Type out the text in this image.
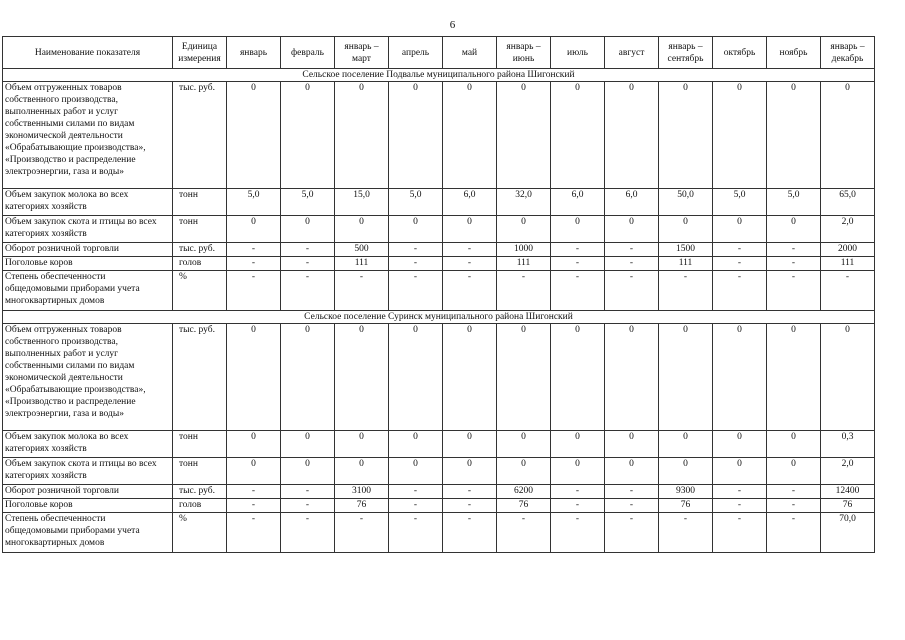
6
Наименование показателя	Единица измерения	январь	февраль	январь – март	апрель	май	январь – июнь	июль	август	январь – сентябрь	октябрь	ноябрь	январь – декабрь
Сельское поселение Подвалье муниципального района Шигонский													
Объем отгруженных товаров собственного производства, выполненных работ и услуг собственными силами по видам экономической деятельности «Обрабатывающие производства», «Производство и распределение электроэнергии, газа и воды»	тыс. руб.	0	0	0	0	0	0	0	0	0	0	0	0
Объем закупок молока во всех категориях хозяйств	тонн	5,0	5,0	15,0	5,0	6,0	32,0	6,0	6,0	50,0	5,0	5,0	65,0
Объем закупок скота и птицы во всех категориях хозяйств	тонн	0	0	0	0	0	0	0	0	0	0	0	2,0
Оборот розничной торговли	тыс. руб.	-	-	500	-	-	1000	-	-	1500	-	-	2000
Поголовье коров	голов	-	-	111	-	-	111	-	-	111	-	-	111
Степень обеспеченности общедомовыми приборами учета многоквартирных домов	%	-	-	-	-	-	-	-	-	-	-	-	-
Сельское поселение Суринск муниципального района Шигонский													
Объем отгруженных товаров собственного производства, выполненных работ и услуг собственными силами по видам экономической деятельности «Обрабатывающие производства», «Производство и распределение электроэнергии, газа и воды»	тыс. руб.	0	0	0	0	0	0	0	0	0	0	0	0
Объем закупок молока во всех категориях хозяйств	тонн	0	0	0	0	0	0	0	0	0	0	0	0,3
Объем закупок скота и птицы во всех категориях хозяйств	тонн	0	0	0	0	0	0	0	0	0	0	0	2,0
Оборот розничной торговли	тыс. руб.	-	-	3100	-	-	6200	-	-	9300	-	-	12400
Поголовье коров	голов	-	-	76	-	-	76	-	-	76	-	-	76
Степень обеспеченности общедомовыми приборами учета многоквартирных домов	%	-	-	-	-	-	-	-	-	-	-	-	70,0
